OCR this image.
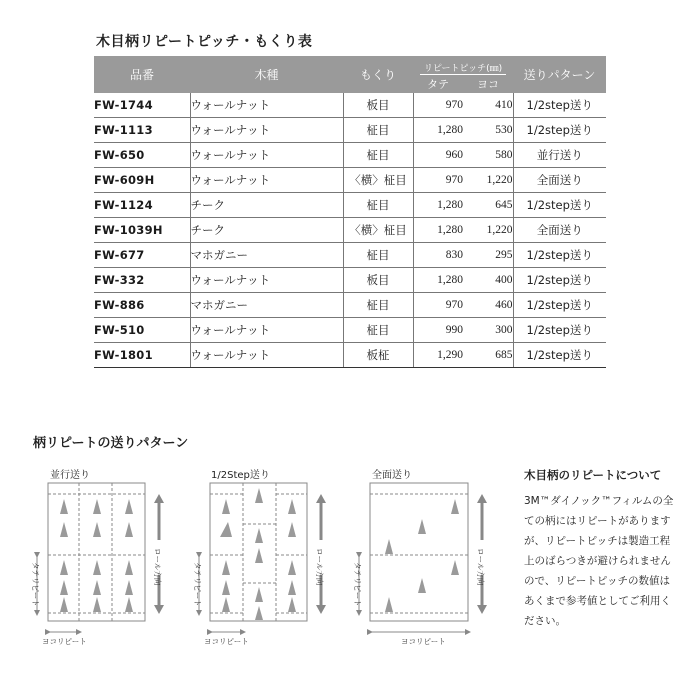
木目柄リピートピッチ・もくり表
品番	木種	もくり	リピートピッチ(㎜)		送りパターン
			タテ	ヨコ	
FW-1744	ウォールナット	板目	970	410	1/2step送り
FW-1113	ウォールナット	柾目	1,280	530	1/2step送り
FW-650	ウォールナット	柾目	960	580	並行送り
FW-609H	ウォールナット	〈横〉柾目	970	1,220	全面送り
FW-1124	チーク	柾目	1,280	645	1/2step送り
FW-1039H	チーク	〈横〉柾目	1,280	1,220	全面送り
FW-677	マホガニー	柾目	830	295	1/2step送り
FW-332	ウォールナット	板目	1,280	400	1/2step送り
FW-886	マホガニー	柾目	970	460	1/2step送り
FW-510	ウォールナット	柾目	990	300	1/2step送り
FW-1801	ウォールナット	板柾	1,290	685	1/2step送り
柄リピートの送りパターン
並行送り	1/2Step送り	全面送り
ロール方向	ロール方向	ロール方向
タテリピート	タテリピート	タテリピート
ヨコリピート	ヨコリピート	ヨコリピート
木目柄のリピートについて
3M™ダイノック™フィルムの全ての柄にはリピートがありますが、リピートピッチは製造工程上のばらつきが避けられませんので、リピートピッチの数値はあくまで参考値としてご利用ください。
